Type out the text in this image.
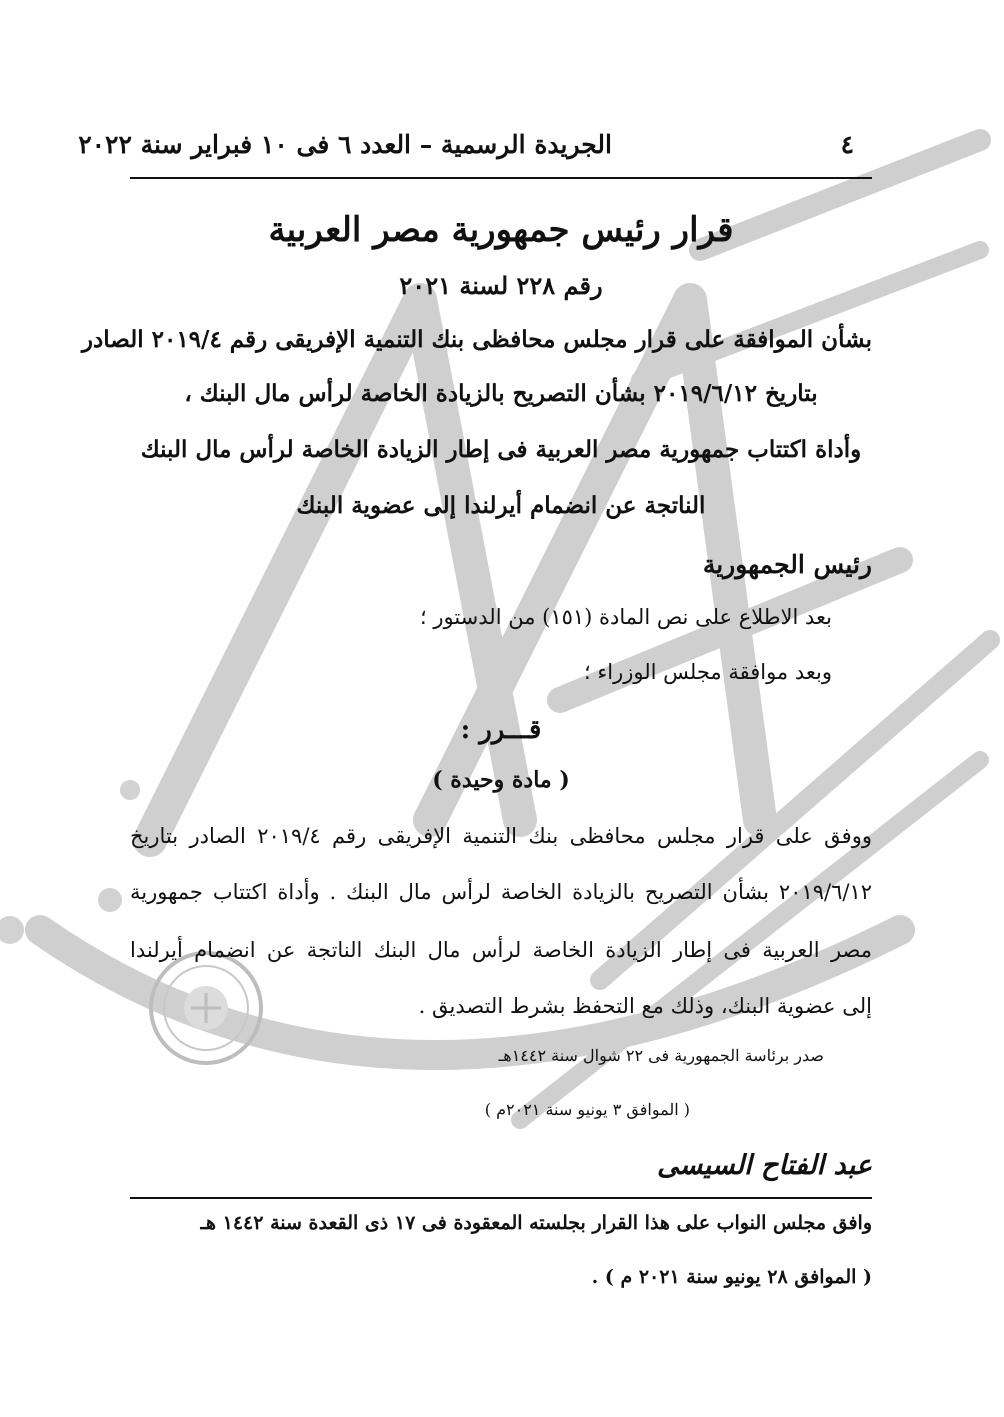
٤
الجريدة الرسمية – العدد ٦ فى ١٠ فبراير سنة ٢٠٢٢
قرار رئيس جمهورية مصر العربية
رقم ٢٢٨ لسنة ٢٠٢١
بشأن الموافقة على قرار مجلس محافظى بنك التنمية الإفريقى رقم ٢٠١٩/٤ الصادر
بتاريخ ٢٠١٩/٦/١٢ بشأن التصريح بالزيادة الخاصة لرأس مال البنك ،
وأداة اكتتاب جمهورية مصر العربية فى إطار الزيادة الخاصة لرأس مال البنك
الناتجة عن انضمام أيرلندا إلى عضوية البنك
رئيس الجمهورية
بعد الاطلاع على نص المادة (١٥١) من الدستور ؛
وبعد موافقة مجلس الوزراء ؛
قـــرر :
( مادة وحيدة )
ووفق على قرار مجلس محافظى بنك التنمية الإفريقى رقم ٢٠١٩/٤ الصادر بتاريخ
٢٠١٩/٦/١٢ بشأن التصريح بالزيادة الخاصة لرأس مال البنك . وأداة اكتتاب جمهورية
مصر العربية فى إطار الزيادة الخاصة لرأس مال البنك الناتجة عن انضمام أيرلندا
إلى عضوية البنك، وذلك مع التحفظ بشرط التصديق .
صدر برئاسة الجمهورية فى ٢٢ شوال سنة ١٤٤٢هـ
( الموافق ٣ يونيو سنة ٢٠٢١م )
عبد الفتاح السيسى
وافق مجلس النواب على هذا القرار بجلسته المعقودة فى ١٧ ذى القعدة سنة ١٤٤٢ هـ
( الموافق ٢٨ يونيو سنة ٢٠٢١ م ) .
